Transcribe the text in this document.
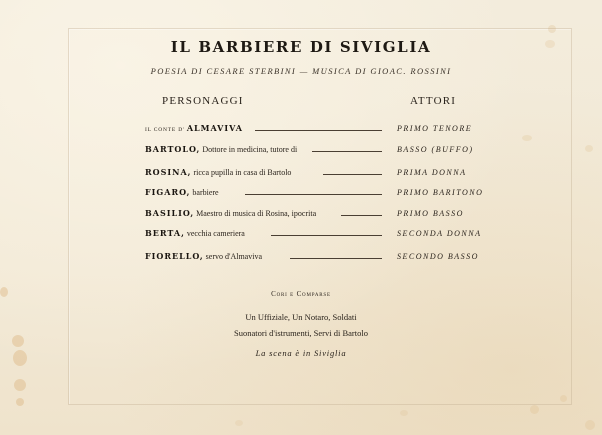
IL BARBIERE DI SIVIGLIA
POESIA DI CESARE STERBINI — MUSICA DI GIOAC. ROSSINI
PERSONAGGI	ATTORI
IL CONTE D' ALMAVIVA	PRIMO TENORE
BARTOLO, Dottore in medicina, tutore di	BASSO (BUFFO)
ROSINA, ricca pupilla in casa di Bartolo	PRIMA DONNA
FIGARO, barbiere	PRIMO BARITONO
BASILIO, Maestro di musica di Rosina, ipocrita	PRIMO BASSO
BERTA, vecchia cameriera	SECONDA DONNA
FIORELLO, servo d'Almaviva	SECONDO BASSO
Cori e Comparse
Un Uffiziale, Un Notaro, Soldati
Suonatori d'istrumenti, Servi di Bartolo
La scena è in Siviglia
